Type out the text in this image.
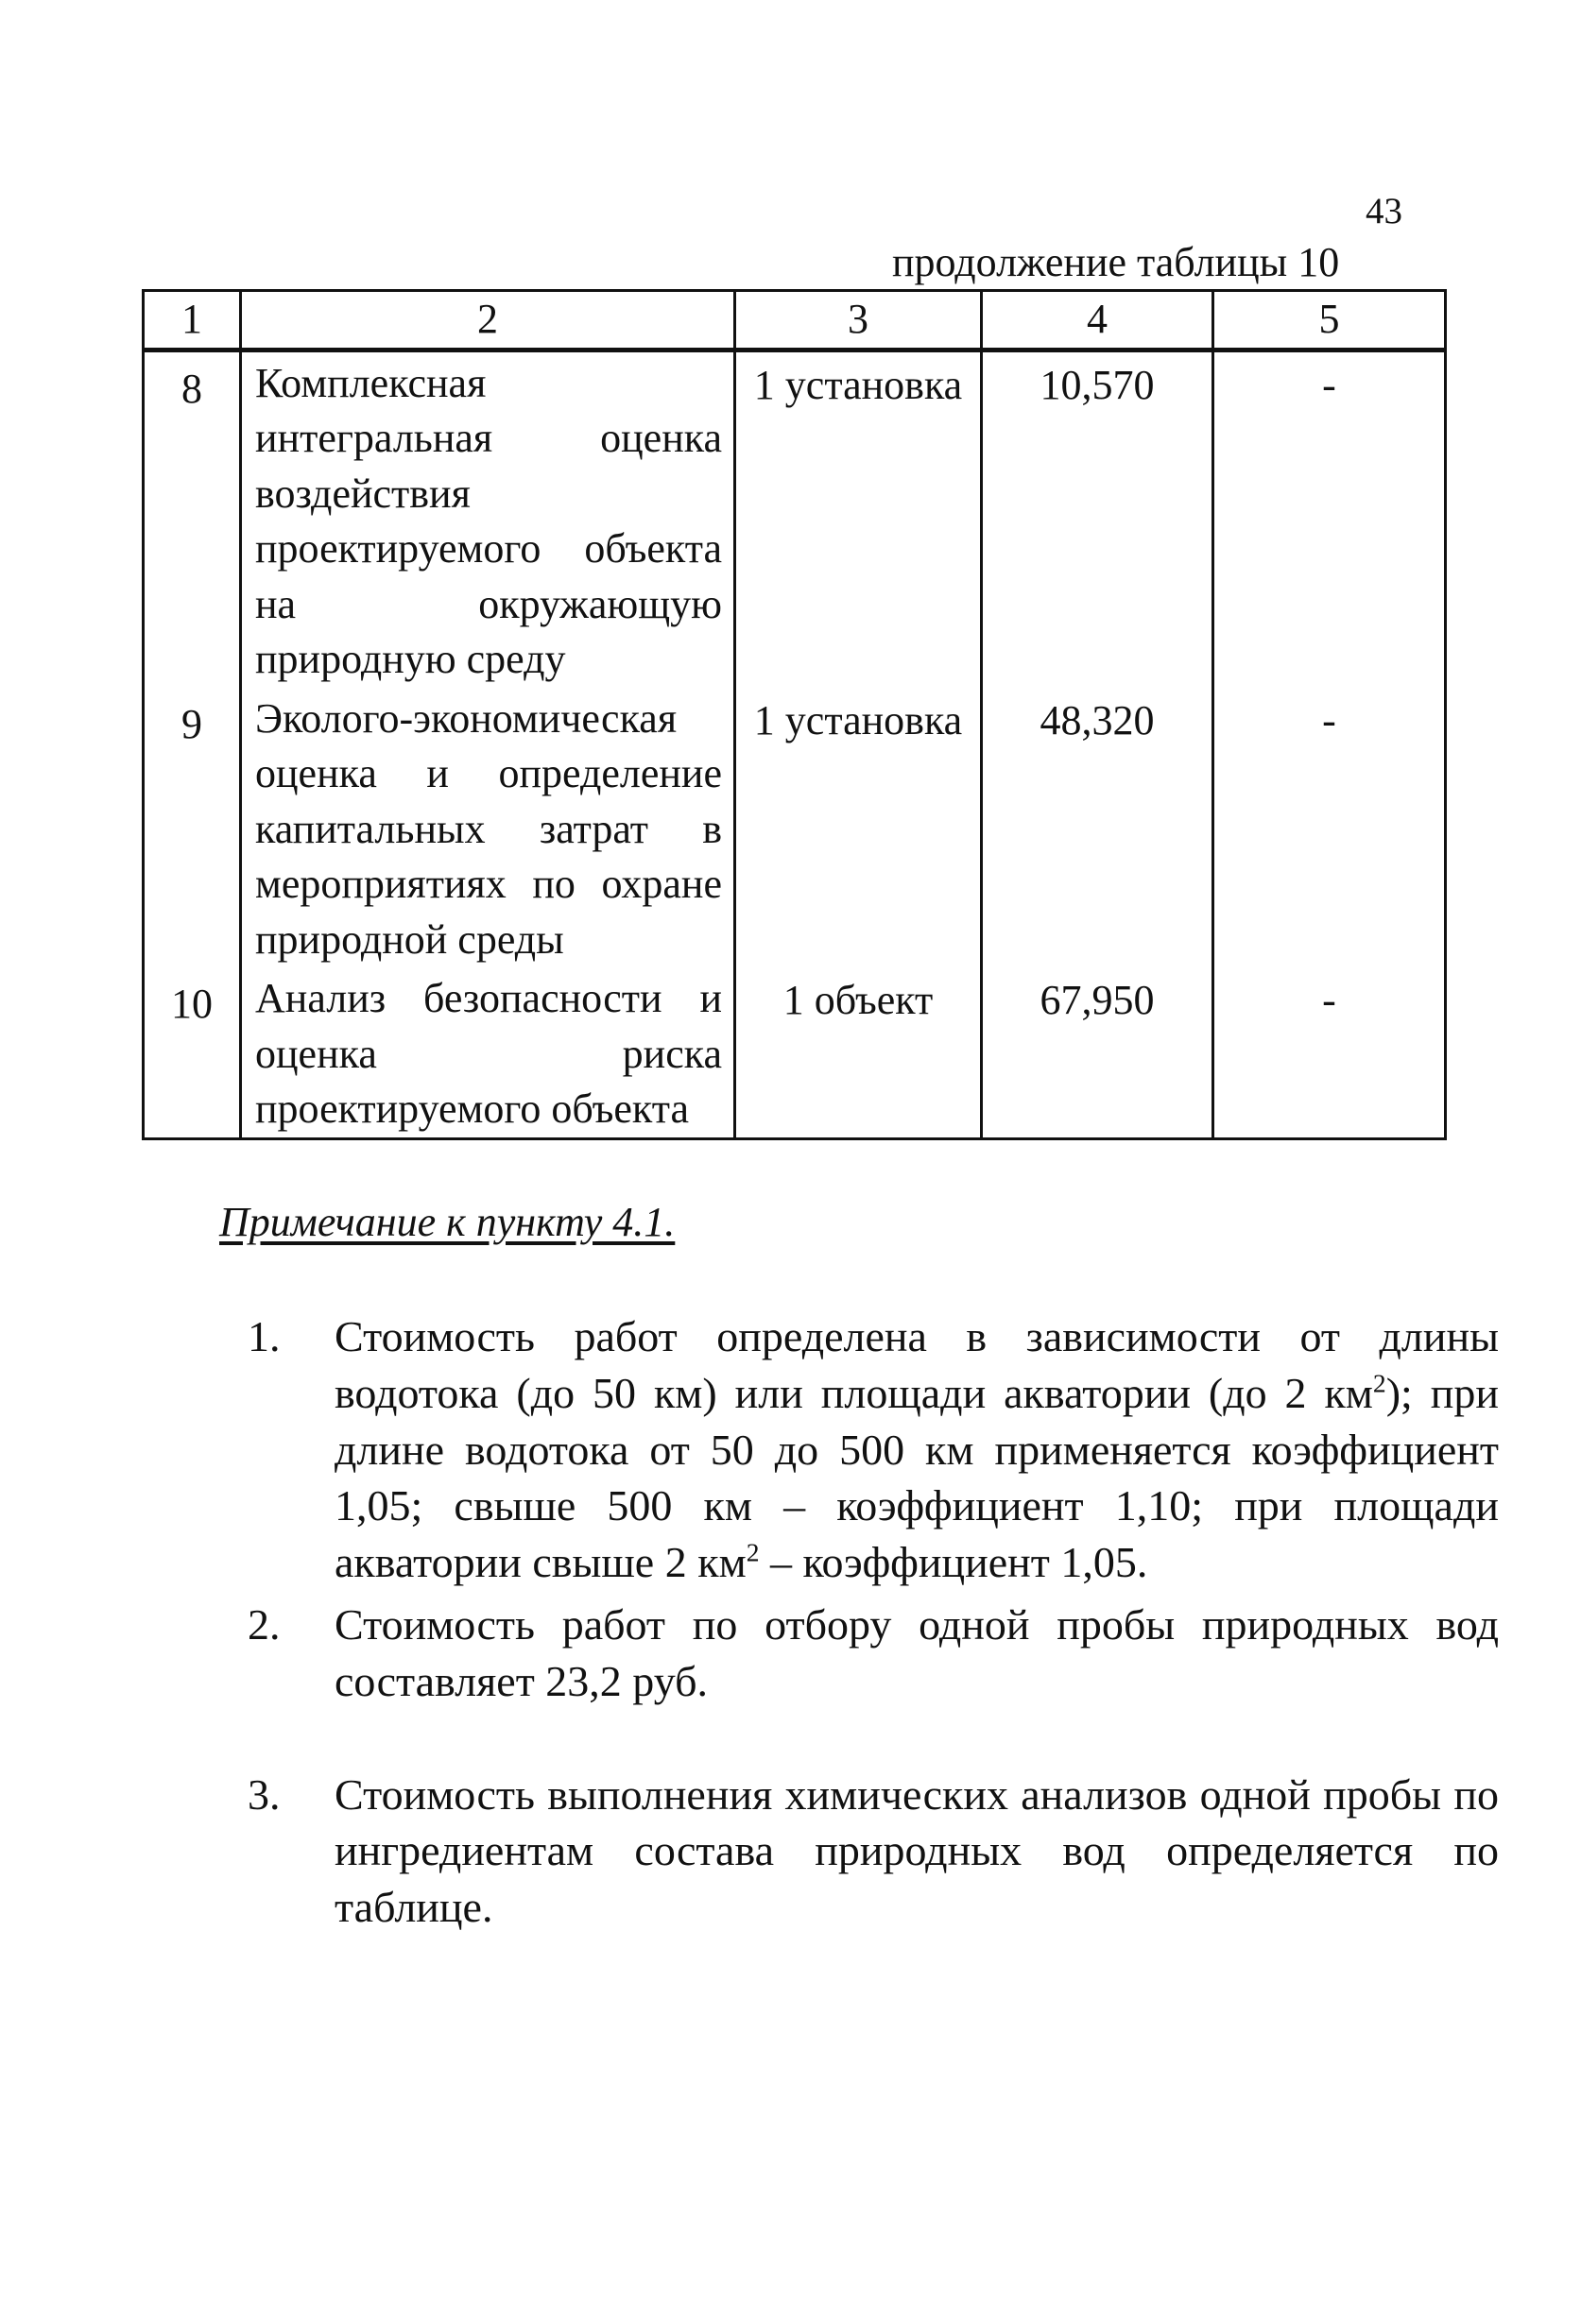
43
продолжение таблицы 10
1	2	3	4	5
8	Комплексная интегральная оценка воздействия проектируемого объекта на окружающую природную среду	1 установка	10,570	-
9	Эколого-экономическая оценка и определение капитальных затрат в мероприятиях по охране природной среды	1 установка	48,320	-
10	Анализ безопасности и оценка риска проектируемого объекта	1 объект	67,950	-
Примечание к пункту 4.1.
1.	Стоимость работ определена в зависимости от длины водотока (до 50 км) или площади акватории (до 2 $км^2$); при длине водотока от 50 до 500 км применяется коэффициент 1,05; свыше 500 км – коэффициент 1,10; при площади акватории свыше 2 $км^2$ – коэффициент 1,05.
2.	Стоимость работ по отбору одной пробы природных вод составляет 23,2 руб.
3.	Стоимость выполнения химических анализов одной пробы по ингредиентам состава природных вод определяется по таблице.
